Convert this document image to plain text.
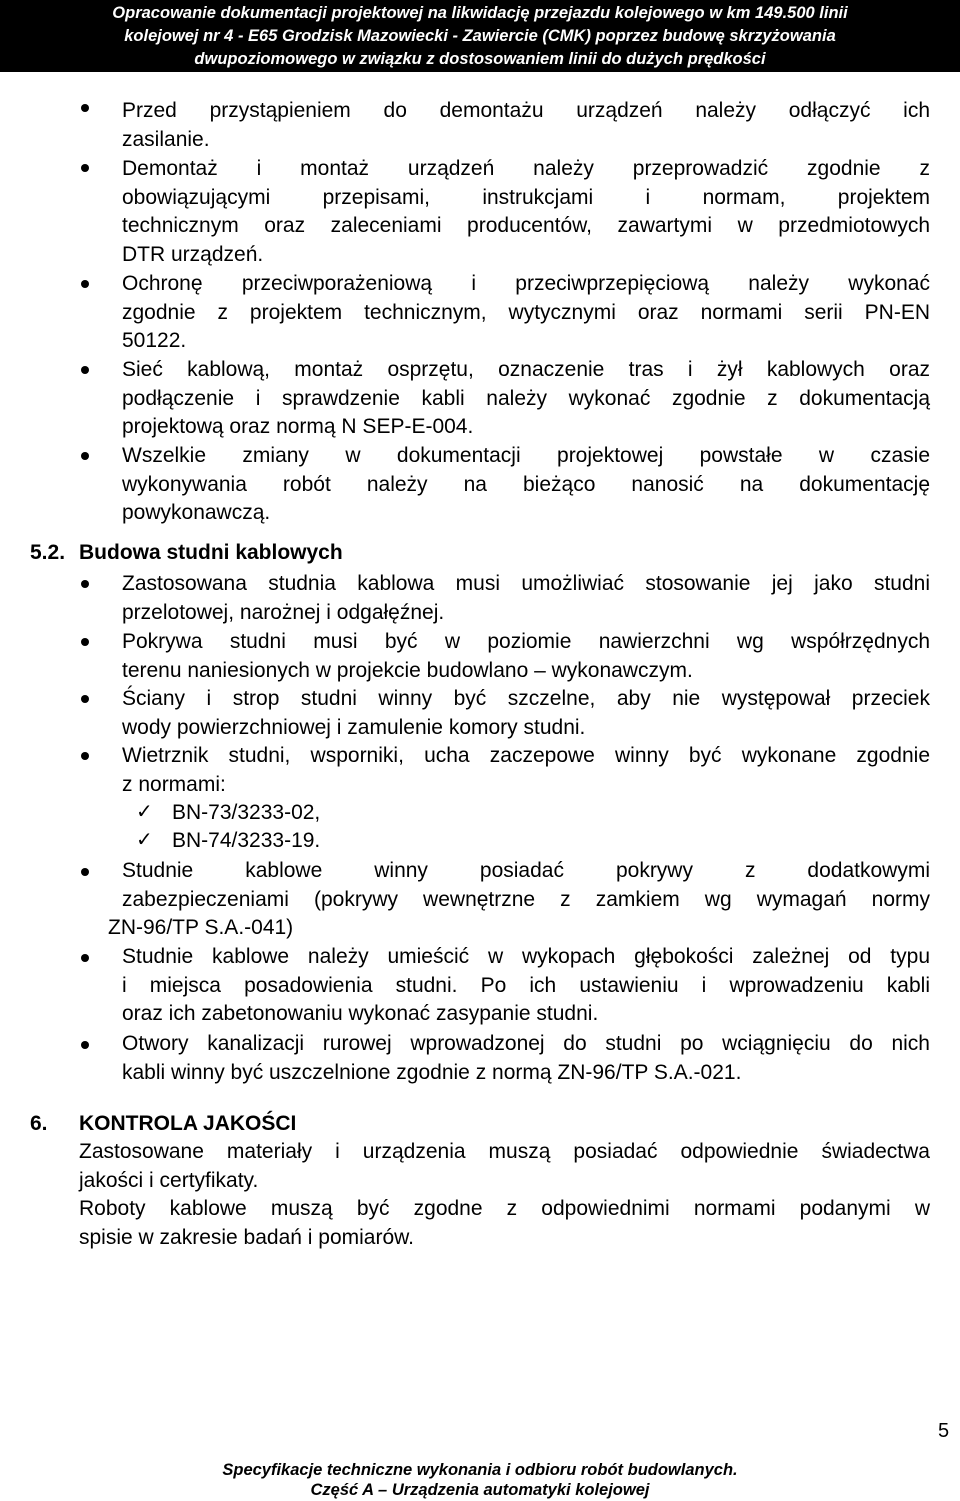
Opracowanie dokumentacji projektowej na likwidację przejazdu kolejowego w km 149.500 linii
kolejowej nr 4 - E65 Grodzisk Mazowiecki - Zawiercie (CMK) poprzez budowę skrzyżowania
dwupoziomowego w związku z dostosowaniem linii do dużych prędkości
Przed przystąpieniem do demontażu urządzeń należy odłączyć ich
zasilanie.
Demontaż i montaż urządzeń należy przeprowadzić zgodnie z
obowiązującymi przepisami, instrukcjami i normam, projektem
technicznym oraz zaleceniami producentów, zawartymi w przedmiotowych
DTR urządzeń.
Ochronę przeciwporażeniową i przeciwprzepięciową należy wykonać
zgodnie z projektem technicznym, wytycznymi oraz normami serii PN-EN
50122.
Sieć kablową, montaż osprzętu, oznaczenie tras i żył kablowych oraz
podłączenie i sprawdzenie kabli należy wykonać zgodnie z dokumentacją
projektową oraz normą N SEP-E-004.
Wszelkie zmiany w dokumentacji projektowej powstałe w czasie
wykonywania robót należy na bieżąco nanosić na dokumentację
powykonawczą.
5.2. Budowa studni kablowych
Zastosowana studnia kablowa musi umożliwiać stosowanie jej jako studni
przelotowej, narożnej i odgałęźnej.
Pokrywa studni musi być w poziomie nawierzchni wg współrzędnych
terenu naniesionych w projekcie budowlano – wykonawczym.
Ściany i strop studni winny być szczelne, aby nie występował przeciek
wody powierzchniowej i zamulenie komory studni.
Wietrznik studni, wsporniki, ucha zaczepowe winny być wykonane zgodnie
z normami:
✓ BN-73/3233-02,
✓ BN-74/3233-19.
Studnie kablowe winny posiadać pokrywy z dodatkowymi
zabezpieczeniami (pokrywy wewnętrzne z zamkiem wg wymagań normy
ZN-96/TP S.A.-041)
Studnie kablowe należy umieścić w wykopach głębokości zależnej od typu
i miejsca posadowienia studni. Po ich ustawieniu i wprowadzeniu kabli
oraz ich zabetonowaniu wykonać zasypanie studni.
Otwory kanalizacji rurowej wprowadzonej do studni po wciągnięciu do nich
kabli winny być uszczelnione zgodnie z normą ZN-96/TP S.A.-021.
6. KONTROLA JAKOŚCI
Zastosowane materiały i urządzenia muszą posiadać odpowiednie świadectwa
jakości i certyfikaty.
Roboty kablowe muszą być zgodne z odpowiednimi normami podanymi w
spisie w zakresie badań i pomiarów.
5
Specyfikacje techniczne wykonania i odbioru robót budowlanych.
Część A – Urządzenia automatyki kolejowej
